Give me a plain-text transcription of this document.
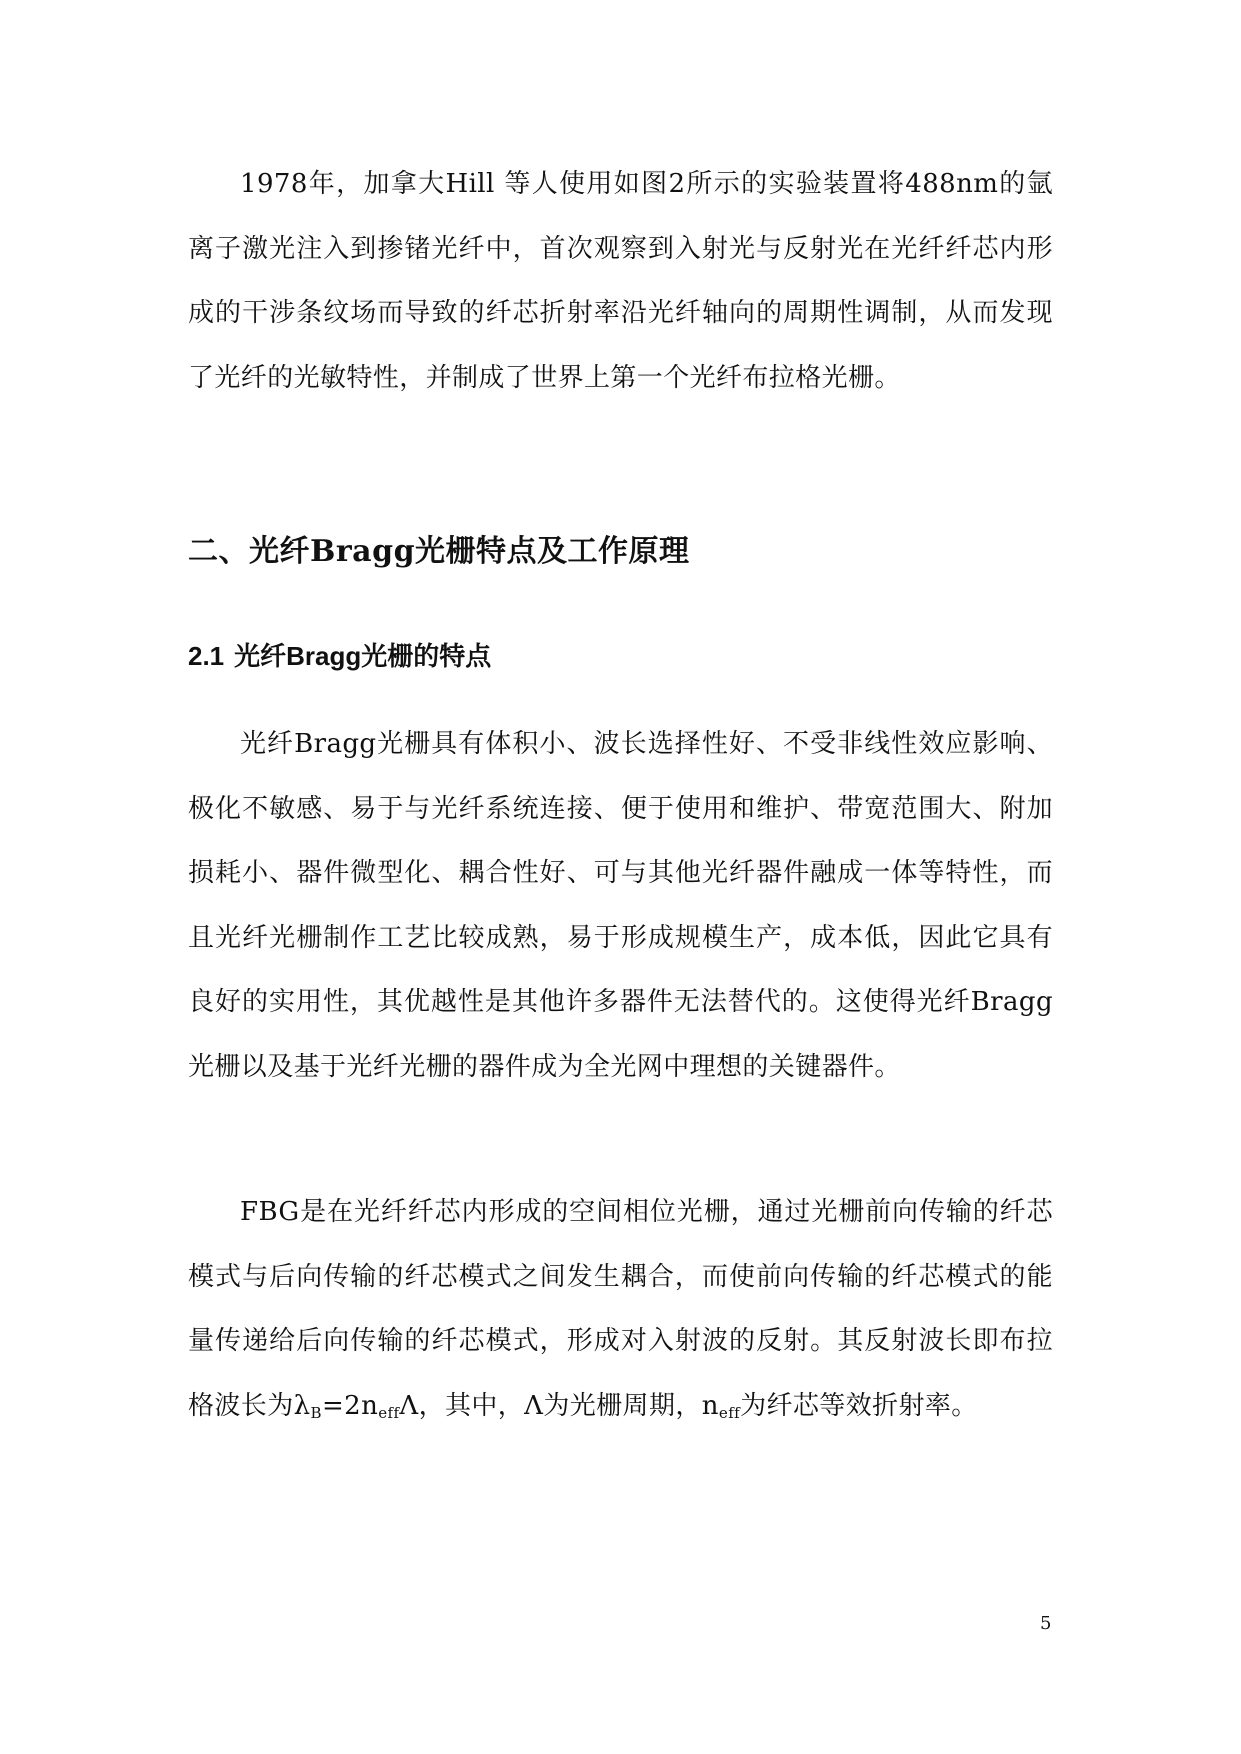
1978年，加拿大Hill 等人使用如图2所示的实验装置将488nm的氩离子激光注入到掺锗光纤中，首次观察到入射光与反射光在光纤纤芯内形成的干涉条纹场而导致的纤芯折射率沿光纤轴向的周期性调制，从而发现了光纤的光敏特性，并制成了世界上第一个光纤布拉格光栅。

二、光纤Bragg光栅特点及工作原理
2.1 光纤Bragg光栅的特点

光纤Bragg光栅具有体积小、波长选择性好、不受非线性效应影响、极化不敏感、易于与光纤系统连接、便于使用和维护、带宽范围大、附加损耗小、器件微型化、耦合性好、可与其他光纤器件融成一体等特性，而且光纤光栅制作工艺比较成熟，易于形成规模生产，成本低，因此它具有良好的实用性，其优越性是其他许多器件无法替代的。这使得光纤Bragg光栅以及基于光纤光栅的器件成为全光网中理想的关键器件。

FBG是在光纤纤芯内形成的空间相位光栅，通过光栅前向传输的纤芯模式与后向传输的纤芯模式之间发生耦合，而使前向传输的纤芯模式的能量传递给后向传输的纤芯模式，形成对入射波的反射。其反射波长即布拉格波长为$\lambda_B=2n_{eff}\Lambda$，其中，Λ为光栅周期，$n_{eff}$为纤芯等效折射率。

5
